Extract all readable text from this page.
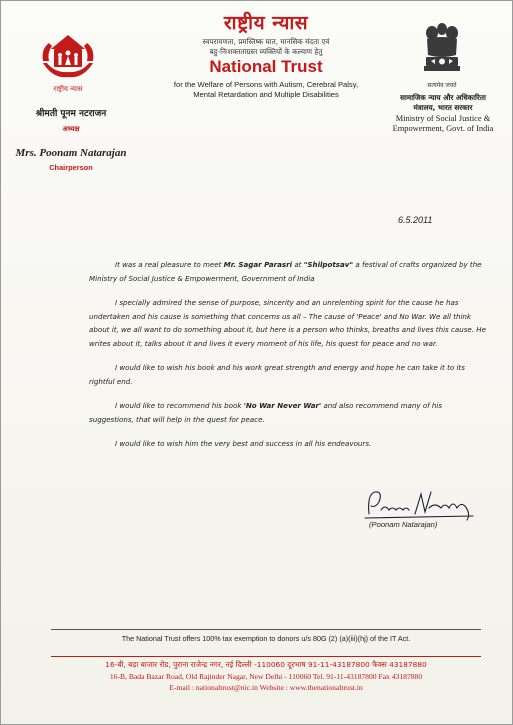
राष्ट्रीय न्यास
राष्ट्रीय न्यास
स्वपरायणता, प्रमस्तिष्क घात, मानसिक मंदता एवं
बहु-निःशक्तताग्रस्त व्यक्तियों के कल्याण हेतु
National Trust
for the Welfare of Persons with Autism, Cerebral Palsy,
Mental Retardation and Multiple Disabilities
सत्यमेव जयते
सामाजिक न्याय और अधिकारिता
मंत्रालय, भारत सरकार
Ministry of Social Justice &
Empowerment, Govt. of India
श्रीमती पूनम नटराजन
अध्यक्ष
Mrs. Poonam Natarajan
Chairperson
6.5.2011

It was a real pleasure to meet Mr. Sagar Parasri at "Shilpotsav" a festival of crafts organized by the Ministry of Social Justice & Empowerment, Government of India

I specially admired the sense of purpose, sincerity and an unrelenting spirit for the cause he has undertaken and his cause is something that concerns us all – The cause of 'Peace' and No War. We all think about it, we all want to do something about it, but here is a person who thinks, breaths and lives this cause. He writes about it, talks about it and lives it every moment of his life, his quest for peace and no war.

I would like to wish his book and his work great strength and energy and hope he can take it to its rightful end.

I would like to recommend his book 'No War Never War' and also recommend many of his suggestions, that will help in the quest for peace.

I would like to wish him the very best and success in all his endeavours.

(Poonam Natarajan)
The National Trust offers 100% tax exemption to donors u/s 80G (2) (a)(iii)(hj) of the IT Act.
16-बी, बड़ा बाजार रोड, पुराना राजेन्द्र नगर, नई दिल्ली -110060 दूरभाष 91-11-43187800 फैक्स 43187880
16-B, Bada Bazar Road, Old Rajinder Nagar, New Delhi - 110060 Tel. 91-11-43187800 Fax 43187880
E-mail : nationaltrust@nic.in Website : www.thenationaltrust.in
